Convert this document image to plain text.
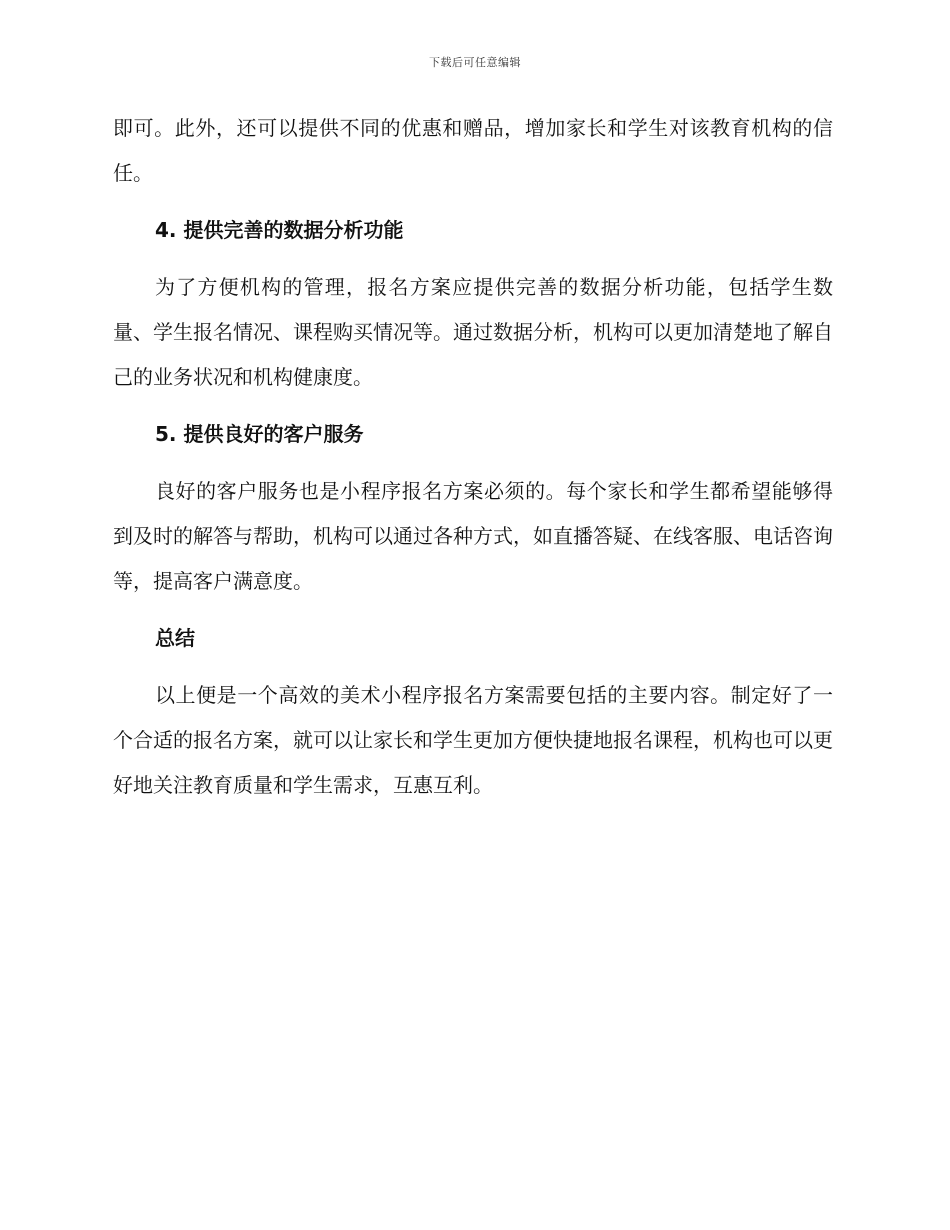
下载后可任意编辑

即可。此外，还可以提供不同的优惠和赠品，增加家长和学生对该教育机构的信任。

4. 提供完善的数据分析功能

为了方便机构的管理，报名方案应提供完善的数据分析功能，包括学生数量、学生报名情况、课程购买情况等。通过数据分析，机构可以更加清楚地了解自己的业务状况和机构健康度。

5. 提供良好的客户服务

良好的客户服务也是小程序报名方案必须的。每个家长和学生都希望能够得到及时的解答与帮助，机构可以通过各种方式，如直播答疑、在线客服、电话咨询等，提高客户满意度。

总结

以上便是一个高效的美术小程序报名方案需要包括的主要内容。制定好了一个合适的报名方案，就可以让家长和学生更加方便快捷地报名课程，机构也可以更好地关注教育质量和学生需求，互惠互利。
